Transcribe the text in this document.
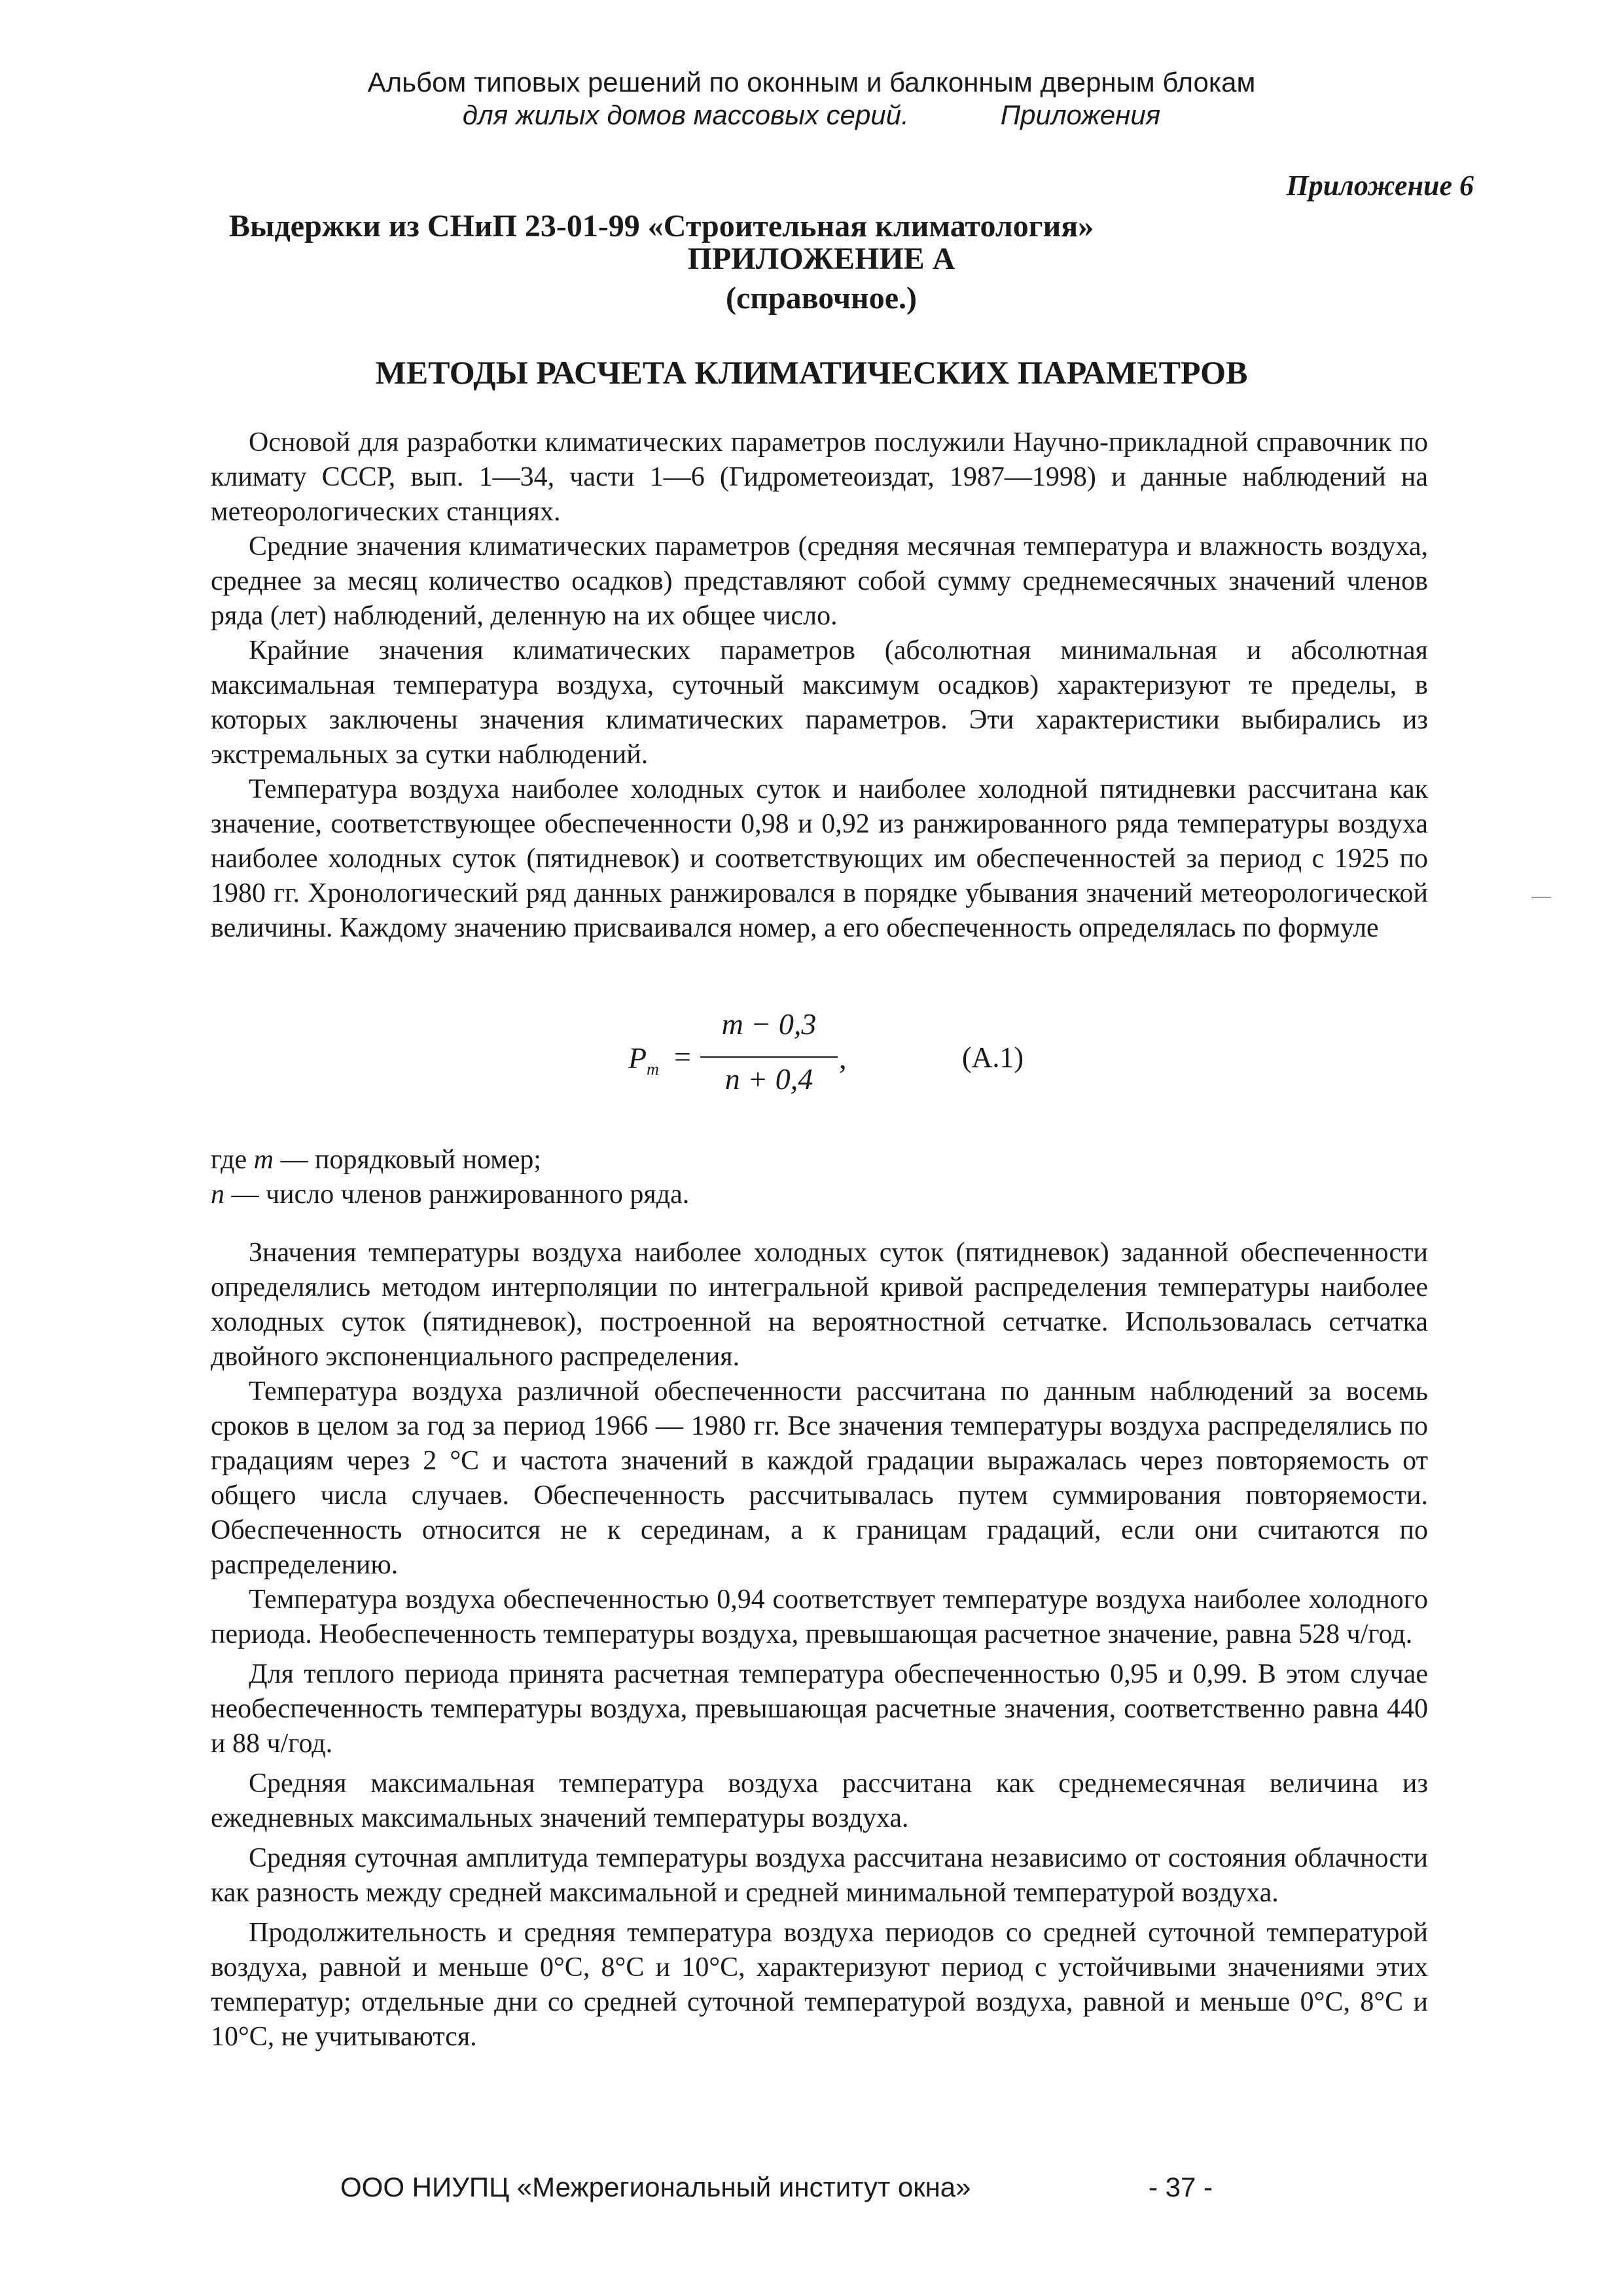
Альбом типовых решений по оконным и балконным дверным блокам
для жилых домов массовых серий.	Приложения
Приложение 6
Выдержки из СНиП 23-01-99 «Строительная климатология»
ПРИЛОЖЕНИЕ А
(справочное.)
МЕТОДЫ РАСЧЕТА КЛИМАТИЧЕСКИХ ПАРАМЕТРОВ

Основой для разработки климатических параметров послужили Научно-прикладной справочник по климату СССР, вып. 1—34, части 1—6 (Гидрометеоиздат, 1987—1998) и данные наблюдений на метеорологических станциях.

Средние значения климатических параметров (средняя месячная температура и влажность воздуха, среднее за месяц количество осадков) представляют собой сумму среднемесячных значений членов ряда (лет) наблюдений, деленную на их общее число.

Крайние значения климатических параметров (абсолютная минимальная и абсолютная максимальная температура воздуха, суточный максимум осадков) характеризуют те пределы, в которых заключены значения климатических параметров. Эти характеристики выбирались из экстремальных за сутки наблюдений.

Температура воздуха наиболее холодных суток и наиболее холодной пятидневки рассчитана как значение, соответствующее обеспеченности 0,98 и 0,92 из ранжированного ряда температуры воздуха наиболее холодных суток (пятидневок) и соответствующих им обеспеченностей за период с 1925 по 1980 гг. Хронологический ряд данных ранжировался в порядке убывания значений метеорологической величины. Каждому значению присваивался номер, а его обеспеченность определялась по формуле

$P_m$ =
m − 0,3
n + 0,4
,	(А.1)
где m — порядковый номер;
n — число членов ранжированного ряда.

Значения температуры воздуха наиболее холодных суток (пятидневок) заданной обеспеченности определялись методом интерполяции по интегральной кривой распределения температуры наиболее холодных суток (пятидневок), построенной на вероятностной сетчатке. Использовалась сетчатка двойного экспоненциального распределения.

Температура воздуха различной обеспеченности рассчитана по данным наблюдений за восемь сроков в целом за год за период 1966 — 1980 гг. Все значения температуры воздуха распределялись по градациям через 2 °С и частота значений в каждой градации выражалась через повторяемость от общего числа случаев. Обеспеченность рассчитывалась путем суммирования повторяемости. Обеспеченность относится не к серединам, а к границам градаций, если они считаются по распределению.

Температура воздуха обеспеченностью 0,94 соответствует температуре воздуха наиболее холодного периода. Необеспеченность температуры воздуха, превышающая расчетное значение, равна 528 ч/год.

Для теплого периода принята расчетная температура обеспеченностью 0,95 и 0,99. В этом случае необеспеченность температуры воздуха, превышающая расчетные значения, соответственно равна 440 и 88 ч/год.

Средняя максимальная температура воздуха рассчитана как среднемесячная величина из ежедневных максимальных значений температуры воздуха.

Средняя суточная амплитуда температуры воздуха рассчитана независимо от состояния облачности как разность между средней максимальной и средней минимальной температурой воздуха.

Продолжительность и средняя температура воздуха периодов со средней суточной температурой воздуха, равной и меньше 0°С, 8°С и 10°С, характеризуют период с устойчивыми значениями этих температур; отдельные дни со средней суточной температурой воздуха, равной и меньше 0°С, 8°С и 10°С, не учитываются.

—
ООО НИУПЦ «Межрегиональный институт окна»	- 37 -
